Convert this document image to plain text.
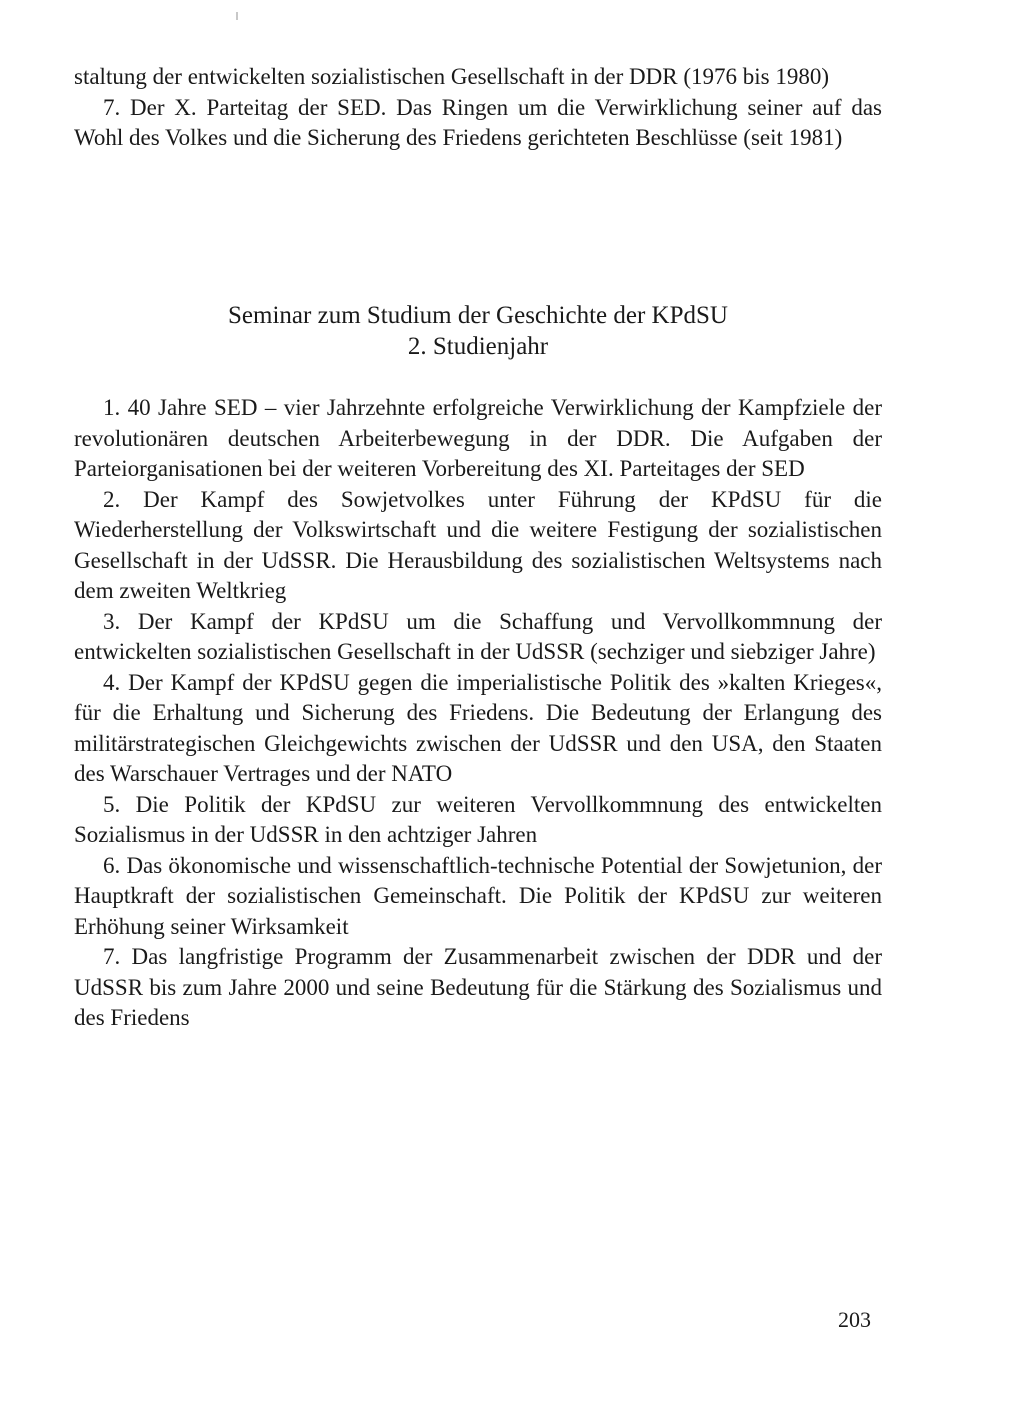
staltung der entwickelten sozialistischen Gesellschaft in der DDR (1976 bis 1980)

7. Der X. Parteitag der SED. Das Ringen um die Verwirklichung seiner auf das Wohl des Volkes und die Sicherung des Friedens gerichteten Beschlüsse (seit 1981)

Seminar zum Studium der Geschichte der KPdSU
2. Studienjahr

1. 40 Jahre SED – vier Jahrzehnte erfolgreiche Verwirklichung der Kampfziele der revolutionären deutschen Arbeiterbewegung in der DDR. Die Aufgaben der Parteiorganisationen bei der weiteren Vorbereitung des XI. Parteitages der SED

2. Der Kampf des Sowjetvolkes unter Führung der KPdSU für die Wiederherstellung der Volkswirtschaft und die weitere Festigung der sozialistischen Gesellschaft in der UdSSR. Die Herausbildung des sozialistischen Weltsystems nach dem zweiten Weltkrieg

3. Der Kampf der KPdSU um die Schaffung und Vervollkommnung der entwickelten sozialistischen Gesellschaft in der UdSSR (sechziger und siebziger Jahre)

4. Der Kampf der KPdSU gegen die imperialistische Politik des »kalten Krieges«, für die Erhaltung und Sicherung des Friedens. Die Bedeutung der Erlangung des militärstrategischen Gleichgewichts zwischen der UdSSR und den USA, den Staaten des Warschauer Vertrages und der NATO

5. Die Politik der KPdSU zur weiteren Vervollkommnung des entwickelten Sozialismus in der UdSSR in den achtziger Jahren

6. Das ökonomische und wissenschaftlich-technische Potential der Sowjetunion, der Hauptkraft der sozialistischen Gemeinschaft. Die Politik der KPdSU zur weiteren Erhöhung seiner Wirksamkeit

7. Das langfristige Programm der Zusammenarbeit zwischen der DDR und der UdSSR bis zum Jahre 2000 und seine Bedeutung für die Stärkung des Sozialismus und des Friedens

203
